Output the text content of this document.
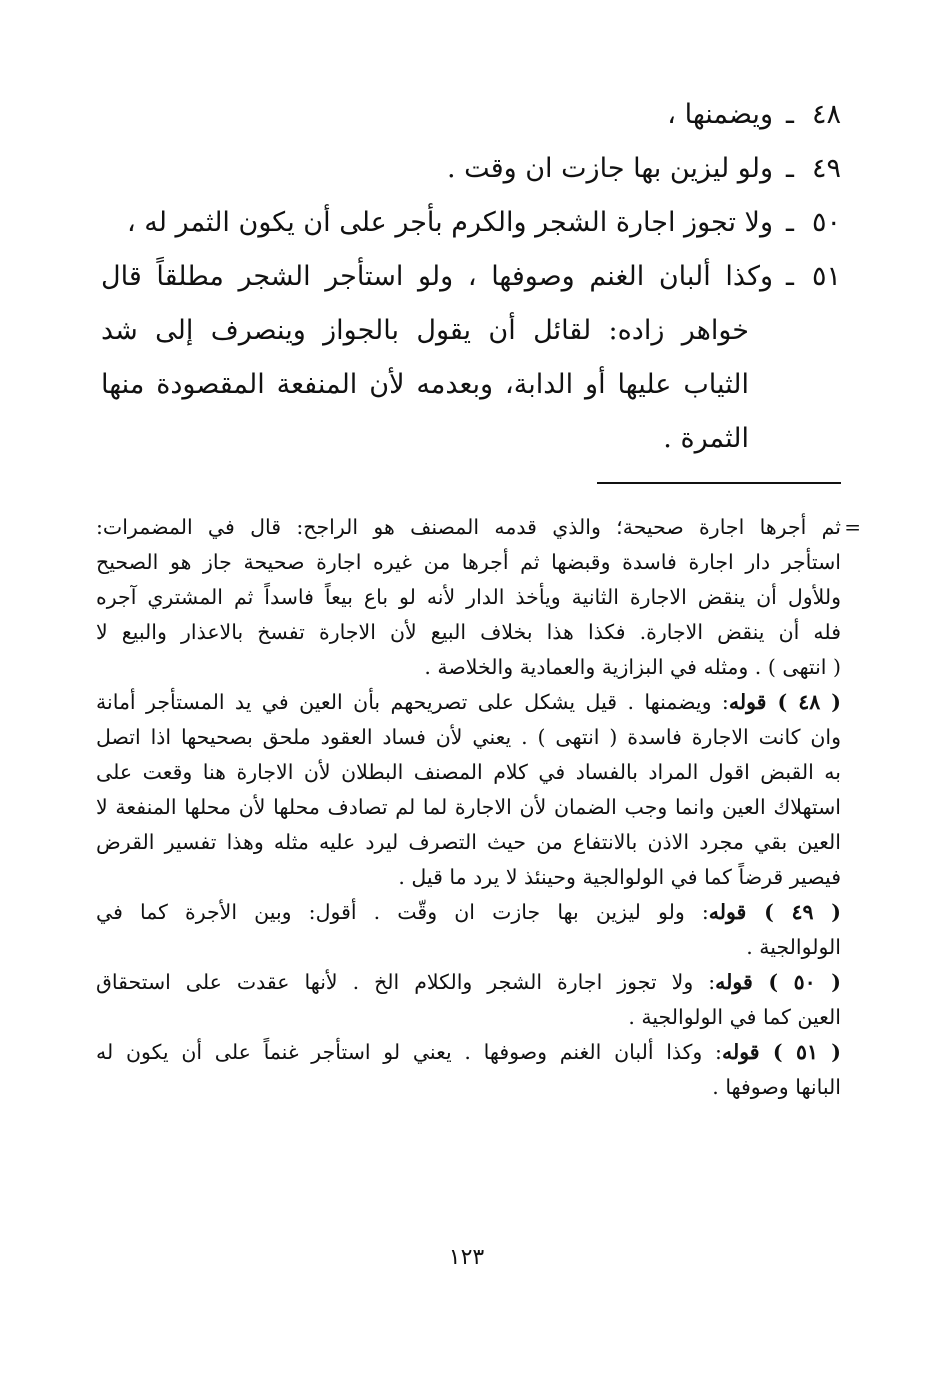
٤٨
ـ
ويضمنها ،
٤٩
ـ
ولو ليزين بها جازت ان وقت .
٥٠
ـ
ولا تجوز اجارة الشجر والكرم بأجر على أن يكون الثمر له ،
٥١
ـ
وكذا ألبان الغنم وصوفها ، ولو استأجر الشجر مطلقاً قال
خواهر زاده: لقائل أن يقول بالجواز وينصرف إلى شد
الثياب عليها أو الدابة، وبعدمه لأن المنفعة المقصودة منها
الثمرة .
=
ثم أجرها اجارة صحيحة؛ والذي قدمه المصنف هو الراجح: قال في المضمرات:
استأجر دار اجارة فاسدة وقبضها ثم أجرها من غيره اجارة صحيحة جاز هو الصحيح
وللأول أن ينقض الاجارة الثانية ويأخذ الدار لأنه لو باع بيعاً فاسداً ثم المشتري آجره
فله أن ينقض الاجارة. فكذا هذا بخلاف البيع لأن الاجارة تفسخ بالاعذار والبيع لا
( انتهى ) . ومثله في البزازية والعمادية والخلاصة .
( ٤٨ ) قوله: ويضمنها . قيل يشكل على تصريحهم بأن العين في يد المستأجر أمانة
وان كانت الاجارة فاسدة ( انتهى ) . يعني لأن فساد العقود ملحق بصحيحها اذا اتصل
به القبض اقول المراد بالفساد في كلام المصنف البطلان لأن الاجارة هنا وقعت على
استهلاك العين وانما وجب الضمان لأن الاجارة لما لم تصادف محلها لأن محلها المنفعة لا
العين بقي مجرد الاذن بالانتفاع من حيث التصرف ليرد عليه مثله وهذا تفسير القرض
فيصير قرضاً كما في الولوالجية وحينئذ لا يرد ما قيل .
( ٤٩ ) قوله: ولو ليزين بها جازت ان وقّت . أقول: وبين الأجرة كما في
الولوالجية .
( ٥٠ ) قوله: ولا تجوز اجارة الشجر والكلام الخ . لأنها عقدت على استحقاق
العين كما في الولوالجية .
( ٥١ ) قوله: وكذا ألبان الغنم وصوفها . يعني لو استأجر غنماً على أن يكون له
البانها وصوفها .
١٢٣
